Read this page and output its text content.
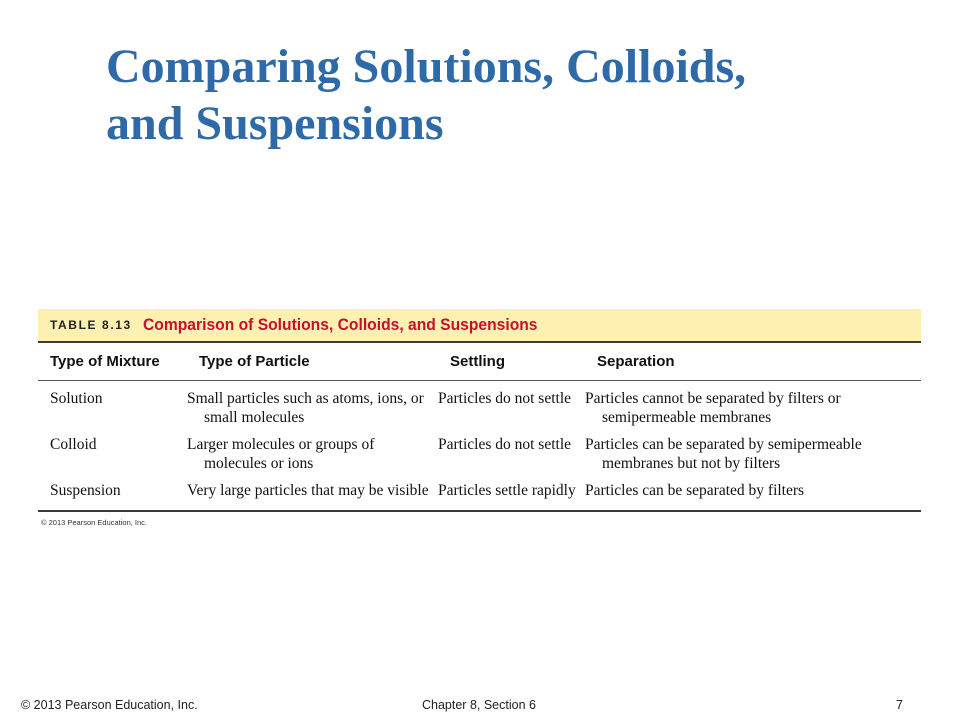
Comparing Solutions, Colloids,
and Suspensions
TABLE 8.13 Comparison of Solutions, Colloids, and Suspensions
Type of Mixture	Type of Particle	Settling	Separation
Solution	Small particles such as atoms, ions, or small molecules	Particles do not settle	Particles cannot be separated by filters or semipermeable membranes
Colloid	Larger molecules or groups of molecules or ions	Particles do not settle	Particles can be separated by semipermeable membranes but not by filters
Suspension	Very large particles that may be visible	Particles settle rapidly	Particles can be separated by filters
© 2013 Pearson Education, Inc.
© 2013 Pearson Education, Inc.	Chapter 8, Section 6	7
